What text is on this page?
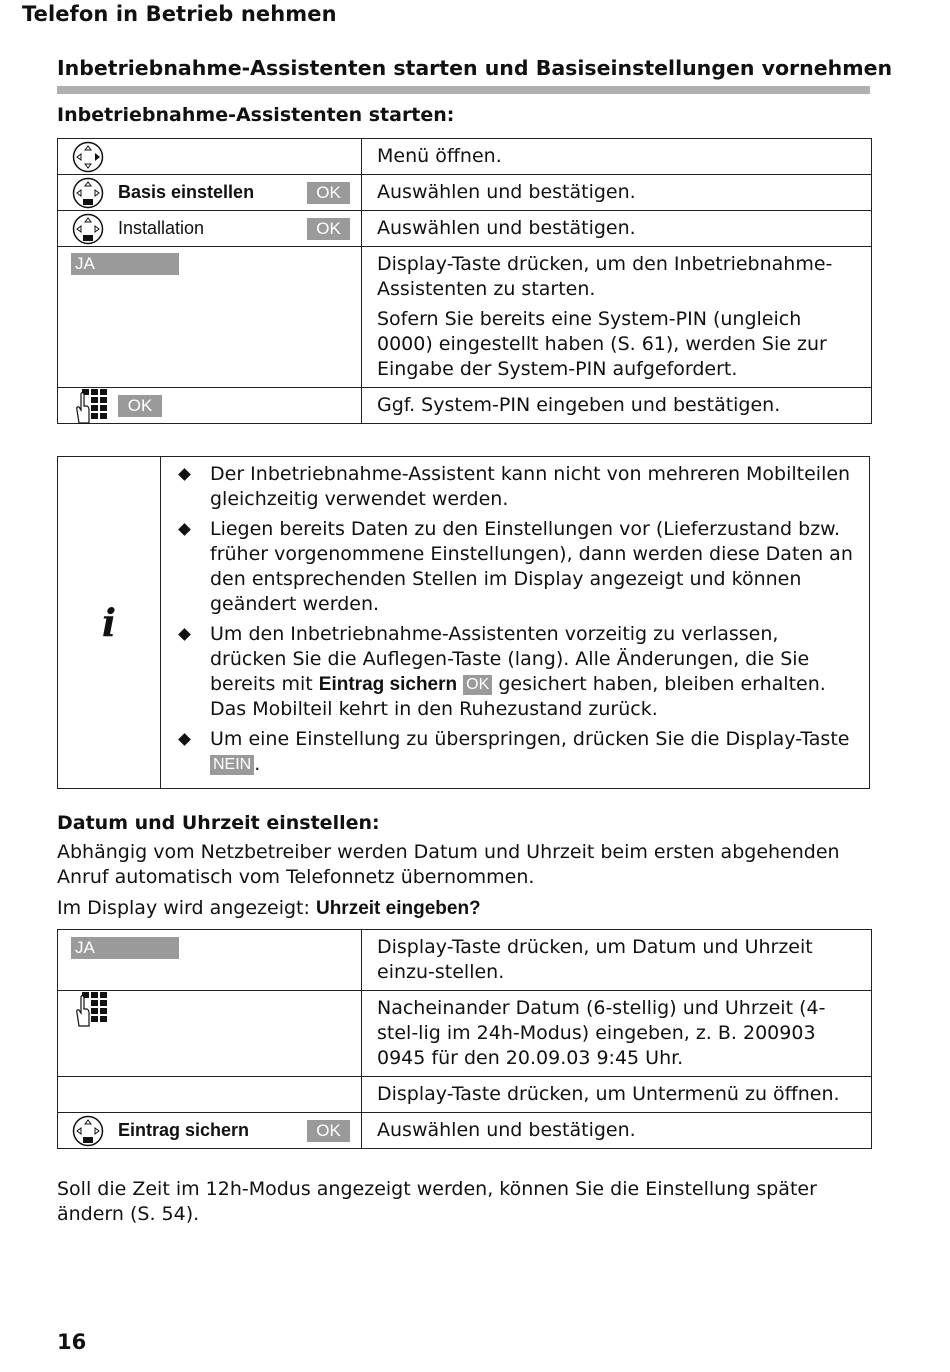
Telefon in Betrieb nehmen
Inbetriebnahme-Assistenten starten und Basiseinstellungen vornehmen
Inbetriebnahme-Assistenten starten:

Menü öffnen.

Basis einstellen OK	Auswählen und bestätigen.

Installation OK	Auswählen und bestätigen.

JA	Display-Taste drücken, um den Inbetriebnahme-Assistenten zu starten.

Sofern Sie bereits eine System-PIN (ungleich 0000) eingestellt haben (S. 61), werden Sie zur Eingabe der System-PIN aufgefordert.

OK	Ggf. System-PIN eingeben und bestätigen.

i
Der Inbetriebnahme-Assistent kann nicht von mehreren Mobilteilen gleichzeitig verwendet werden.
Liegen bereits Daten zu den Einstellungen vor (Lieferzustand bzw. früher vorgenommene Einstellungen), dann werden diese Daten an den entsprechenden Stellen im Display angezeigt und können geändert werden.
Um den Inbetriebnahme-Assistenten vorzeitig zu verlassen, drücken Sie die Auflegen-Taste (lang). Alle Änderungen, die Sie bereits mit Eintrag sichern OK gesichert haben, bleiben erhalten. Das Mobilteil kehrt in den Ruhezustand zurück.
Um eine Einstellung zu überspringen, drücken Sie die Display-Taste NEIN .
Datum und Uhrzeit einstellen:
Abhängig vom Netzbetreiber werden Datum und Uhrzeit beim ersten abgehenden Anruf automatisch vom Telefonnetz übernommen.
Im Display wird angezeigt: Uhrzeit eingeben?
JA	Display-Taste drücken, um Datum und Uhrzeit einzu-stellen.

Nacheinander Datum (6-stellig) und Uhrzeit (4-stel-lig im 24h-Modus) eingeben, z. B. 200903 0945 für den 20.09.03 9:45 Uhr.

	Display-Taste drücken, um Untermenü zu öffnen.

Eintrag sichern OK	Auswählen und bestätigen.

Soll die Zeit im 12h-Modus angezeigt werden, können Sie die Einstellung später ändern (S. 54).
16
